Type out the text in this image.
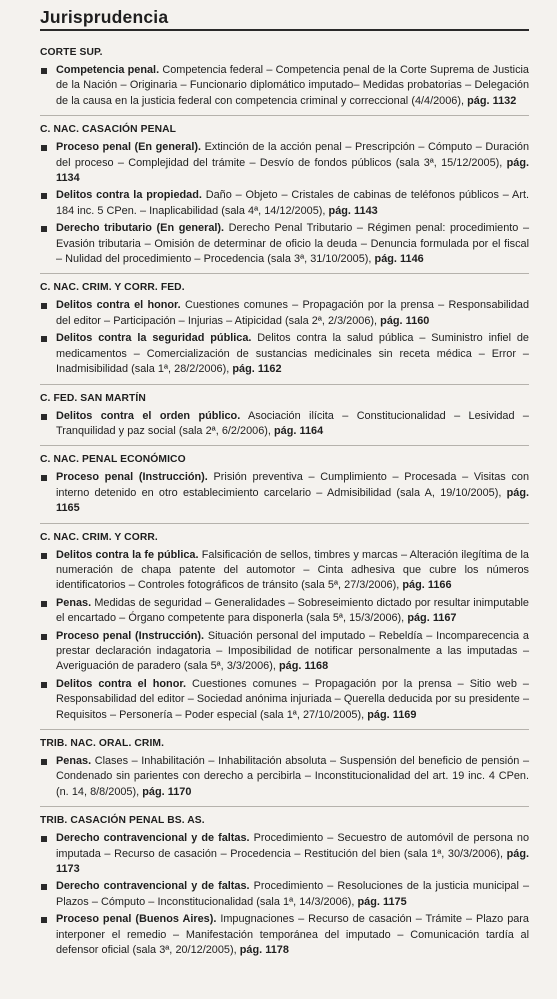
Jurisprudencia
CORTE SUP.
Competencia penal. Competencia federal – Competencia penal de la Corte Suprema de Justicia de la Nación – Originaria – Funcionario diplomático imputado– Medidas probatorias – Delegación de la causa en la justicia federal con competencia criminal y correccional (4/4/2006), pág. 1132
C. NAC. CASACIÓN PENAL
Proceso penal (En general). Extinción de la acción penal – Prescripción – Cómputo – Duración del proceso – Complejidad del trámite – Desvío de fondos públicos (sala 3ª, 15/12/2005), pág. 1134
Delitos contra la propiedad. Daño – Objeto – Cristales de cabinas de teléfonos públicos – Art. 184 inc. 5 CPen. – Inaplicabilidad (sala 4ª, 14/12/2005), pág. 1143
Derecho tributario (En general). Derecho Penal Tributario – Régimen penal: procedimiento – Evasión tributaria – Omisión de determinar de oficio la deuda – Denuncia formulada por el fiscal – Nulidad del procedimiento – Procedencia (sala 3ª, 31/10/2005), pág. 1146
C. NAC. CRIM. Y CORR. FED.
Delitos contra el honor. Cuestiones comunes – Propagación por la prensa – Responsabilidad del editor – Participación – Injurias – Atipicidad (sala 2ª, 2/3/2006), pág. 1160
Delitos contra la seguridad pública. Delitos contra la salud pública – Suministro infiel de medicamentos – Comercialización de sustancias medicinales sin receta médica – Error – Inadmisibilidad (sala 1ª, 28/2/2006), pág. 1162
C. FED. SAN MARTÍN
Delitos contra el orden público. Asociación ilícita – Constitucionalidad – Lesividad – Tranquilidad y paz social (sala 2ª, 6/2/2006), pág. 1164
C. NAC. PENAL ECONÓMICO
Proceso penal (Instrucción). Prisión preventiva – Cumplimiento – Procesada – Visitas con interno detenido en otro establecimiento carcelario – Admisibilidad (sala A, 19/10/2005), pág. 1165
C. NAC. CRIM. Y CORR.
Delitos contra la fe pública. Falsificación de sellos, timbres y marcas – Alteración ilegítima de la numeración de chapa patente del automotor – Cinta adhesiva que cubre los números identificatorios – Controles fotográficos de tránsito (sala 5ª, 27/3/2006), pág. 1166
Penas. Medidas de seguridad – Generalidades – Sobreseimiento dictado por resultar inimputable el encartado – Órgano competente para disponerla (sala 5ª, 15/3/2006), pág. 1167
Proceso penal (Instrucción). Situación personal del imputado – Rebeldía – Incomparecencia a prestar declaración indagatoria – Imposibilidad de notificar personalmente a las imputadas – Averiguación de paradero (sala 5ª, 3/3/2006), pág. 1168
Delitos contra el honor. Cuestiones comunes – Propagación por la prensa – Sitio web – Responsabilidad del editor – Sociedad anónima injuriada – Querella deducida por su presidente – Requisitos – Personería – Poder especial (sala 1ª, 27/10/2005), pág. 1169
TRIB. NAC. ORAL. CRIM.
Penas. Clases – Inhabilitación – Inhabilitación absoluta – Suspensión del beneficio de pensión – Condenado sin parientes con derecho a percibirla – Inconstitucionalidad del art. 19 inc. 4 CPen. (n. 14, 8/8/2005), pág. 1170
TRIB. CASACIÓN PENAL BS. AS.
Derecho contravencional y de faltas. Procedimiento – Secuestro de automóvil de persona no imputada – Recurso de casación – Procedencia – Restitución del bien (sala 1ª, 30/3/2006), pág. 1173
Derecho contravencional y de faltas. Procedimiento – Resoluciones de la justicia municipal – Plazos – Cómputo – Inconstitucionalidad (sala 1ª, 14/3/2006), pág. 1175
Proceso penal (Buenos Aires). Impugnaciones – Recurso de casación – Trámite – Plazo para interponer el remedio – Manifestación temporánea del imputado – Comunicación tardía al defensor oficial (sala 3ª, 20/12/2005), pág. 1178
